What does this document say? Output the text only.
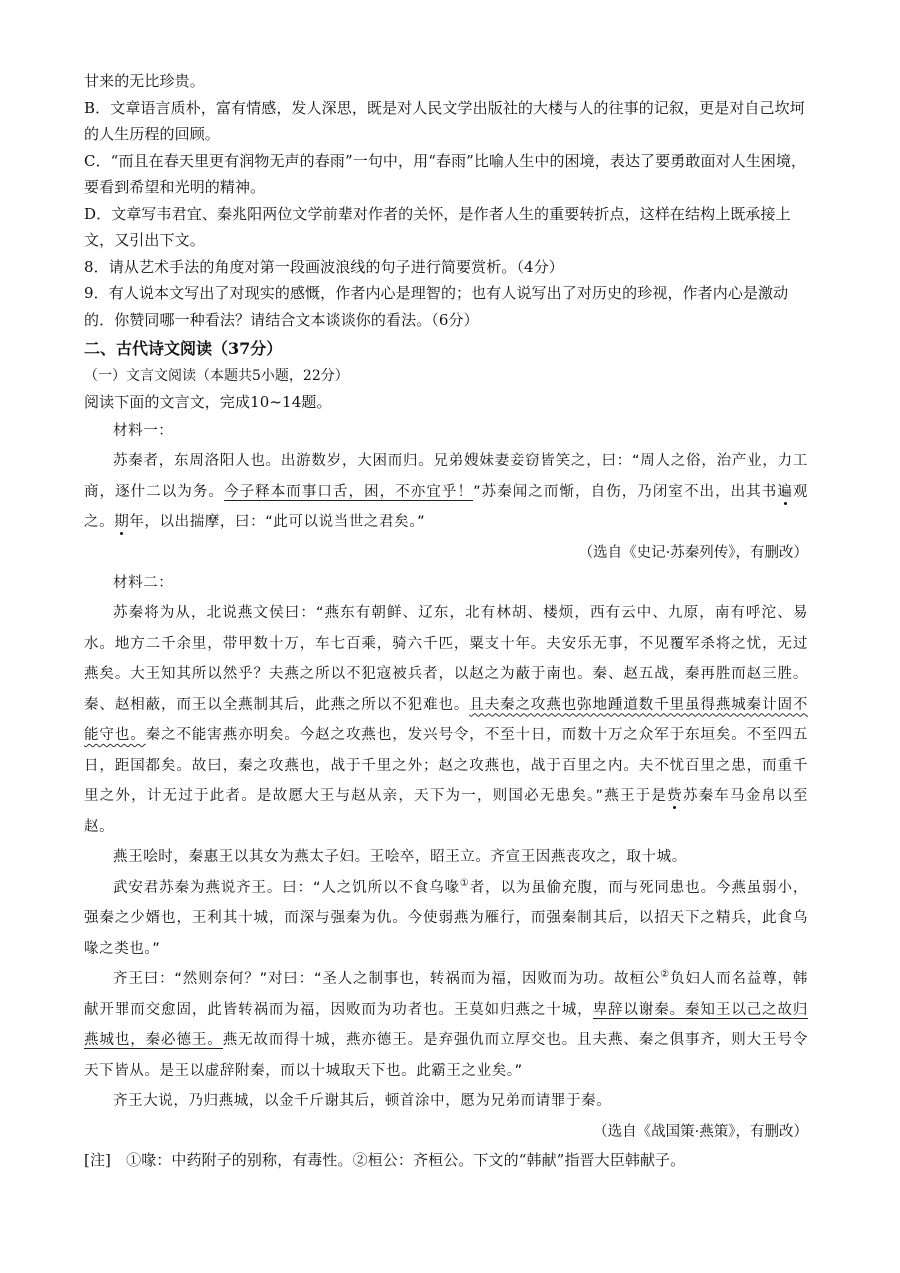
甘来的无比珍贵。

B．文章语言质朴，富有情感，发人深思，既是对人民文学出版社的大楼与人的往事的记叙，更是对自己坎坷的人生历程的回顾。

C．“而且在春天里更有润物无声的春雨”一句中，用“春雨”比喻人生中的困境，表达了要勇敢面对人生困境，要看到希望和光明的精神。

D．文章写韦君宜、秦兆阳两位文学前辈对作者的关怀，是作者人生的重要转折点，这样在结构上既承接上文，又引出下文。

8．请从艺术手法的角度对第一段画波浪线的句子进行简要赏析。（4分）

9．有人说本文写出了对现实的感慨，作者内心是理智的；也有人说写出了对历史的珍视，作者内心是激动的．你赞同哪一种看法？请结合文本谈谈你的看法。（6分）

二、古代诗文阅读（37分）

（一）文言文阅读（本题共5小题，22分）

阅读下面的文言文，完成10~14题。

材料一：

苏秦者，东周洛阳人也。出游数岁，大困而归。兄弟嫂妹妻妾窃皆笑之，曰：“周人之俗，治产业，力工商，逐什二以为务。今子释本而事口舌，困，不亦宜乎！”苏秦闻之而惭，自伤，乃闭室不出，出其书遍观之。期年，以出揣摩，曰：“此可以说当世之君矣。”

（选自《史记·苏秦列传》，有删改）

材料二：

苏秦将为从，北说燕文侯曰：“燕东有朝鲜、辽东，北有林胡、楼烦，西有云中、九原，南有呼沱、易水。地方二千余里，带甲数十万，车七百乘，骑六千匹，粟支十年。夫安乐无事，不见覆军杀将之忧，无过燕矣。大王知其所以然乎？夫燕之所以不犯寇被兵者，以赵之为蔽于南也。秦、赵五战，秦再胜而赵三胜。秦、赵相蔽，而王以全燕制其后，此燕之所以不犯难也。且夫秦之攻燕也弥地踵道数千里虽得燕城秦计固不能守也。秦之不能害燕亦明矣。今赵之攻燕也，发兴号令，不至十日，而数十万之众军于东垣矣。不至四五日，距国都矣。故曰，秦之攻燕也，战于千里之外；赵之攻燕也，战于百里之内。夫不忧百里之患，而重千里之外，计无过于此者。是故愿大王与赵从亲，天下为一，则国必无患矣。”燕王于是赀苏秦车马金帛以至赵。

燕王哙时，秦惠王以其女为燕太子妇。王哙卒，昭王立。齐宣王因燕丧攻之，取十城。

武安君苏秦为燕说齐王。曰：“人之饥所以不食乌喙①者，以为虽偷充腹，而与死同患也。今燕虽弱小，强秦之少婿也，王利其十城，而深与强秦为仇。今使弱燕为雁行，而强秦制其后，以招天下之精兵，此食乌喙之类也。”

齐王曰：“然则奈何？”对曰：“圣人之制事也，转祸而为福，因败而为功。故桓公②负妇人而名益尊，韩献开罪而交愈固，此皆转祸而为福，因败而为功者也。王莫如归燕之十城，卑辞以谢秦。秦知王以己之故归燕城也，秦必德王。燕无故而得十城，燕亦德王。是弃强仇而立厚交也。且夫燕、秦之俱事齐，则大王号令天下皆从。是王以虚辞附秦，而以十城取天下也。此霸王之业矣。”

齐王大说，乃归燕城，以金千斤谢其后，顿首涂中，愿为兄弟而请罪于秦。

（选自《战国策·燕策》，有删改）

[注]　①喙：中药附子的别称，有毒性。②桓公：齐桓公。下文的“韩献”指晋大臣韩献子。
